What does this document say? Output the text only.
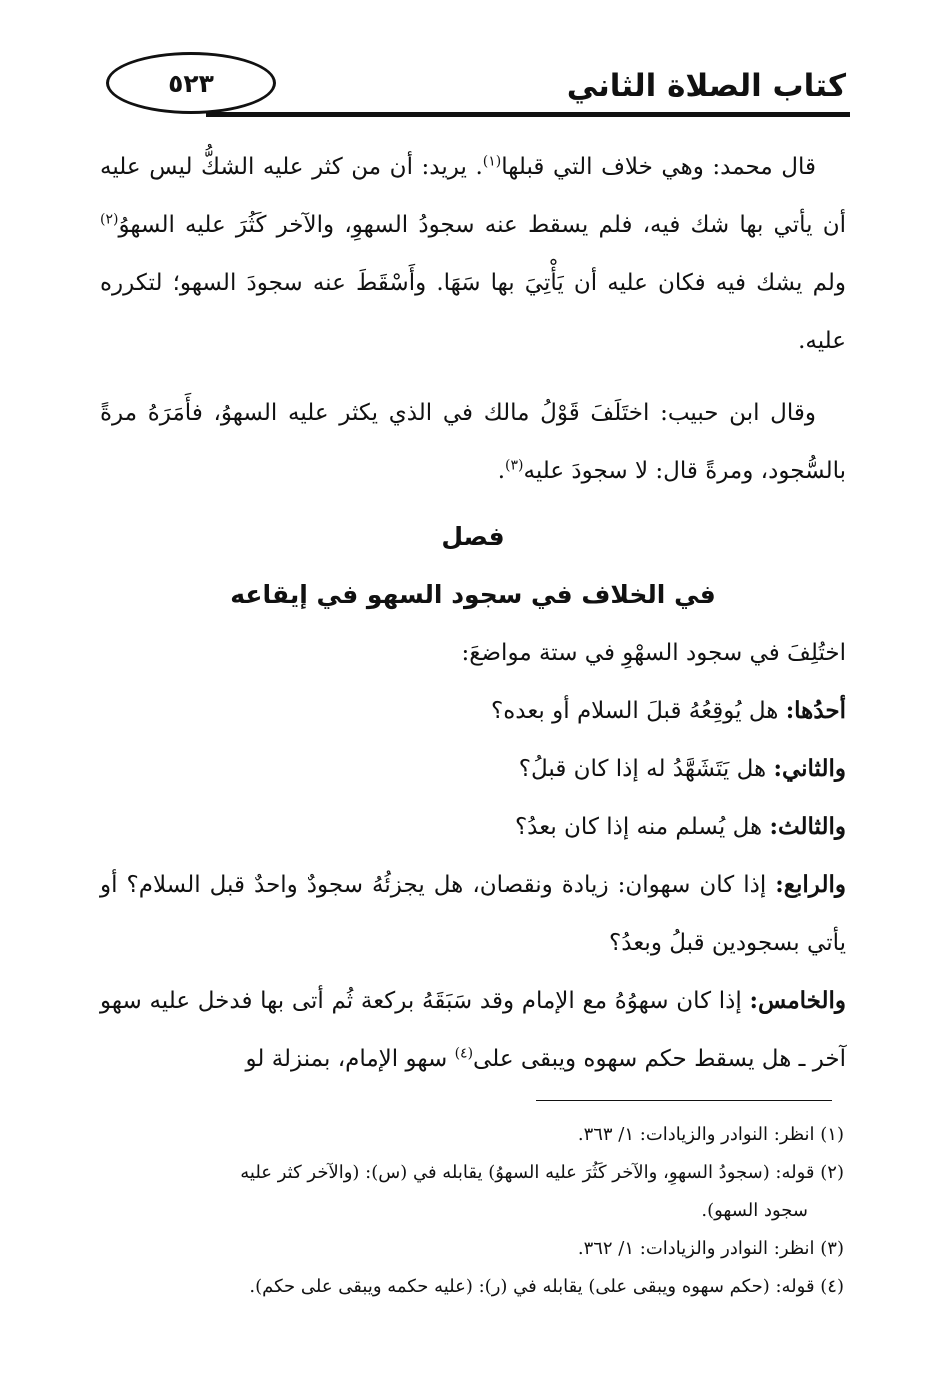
كتاب الصلاة الثاني
٥٢٣

قال محمد: وهي خلاف التي قبلها$^{(١)}$. يريد: أن من كثر عليه الشكُّ ليس عليه أن يأتي بها شك فيه، فلم يسقط عنه سجودُ السهوِ، والآخر كَثُرَ عليه السهوُ$^{(٢)}$ ولم يشك فيه فكان عليه أن يَأْتِيَ بها سَهَا. وأَسْقَطَ عنه سجودَ السهو؛ لتكرره عليه.

وقال ابن حبيب: اختَلَفَ قَوْلُ مالك في الذي يكثر عليه السهوُ، فأَمَرَهُ مرةً بالسُّجود، ومرةً قال: لا سجودَ عليه$^{(٣)}$.

فصل

في الخلاف في سجود السهو في إيقاعه

اختُلِفَ في سجود السهْوِ في ستة مواضعَ:

أحدُها: هل يُوقِعُهُ قبلَ السلام أو بعده؟

والثاني: هل يَتَشَهَّدُ له إذا كان قبلُ؟

والثالث: هل يُسلم منه إذا كان بعدُ؟

والرابع: إذا كان سهوان: زيادة ونقصان، هل يجزئُهُ سجودٌ واحدٌ قبل السلام؟ أو يأتي بسجودين قبلُ وبعدُ؟

والخامس: إذا كان سهوُهُ مع الإمام وقد سَبَقَهُ بركعة ثُم أتى بها فدخل عليه سهو آخر ـ هل يسقط حكم سهوه ويبقى على$^{(٤)}$ سهو الإمام، بمنزلة لو

(١) انظر: النوادر والزيادات: ١/ ٣٦٣.

(٢) قوله: (سجودُ السهوِ، والآخر كَثُرَ عليه السهوُ) يقابله في (س): (والآخر كثر عليه

سجود السهو).

(٣) انظر: النوادر والزيادات: ١/ ٣٦٢.

(٤) قوله: (حكم سهوه ويبقى على) يقابله في (ر): (عليه حكمه ويبقى على حكم).
